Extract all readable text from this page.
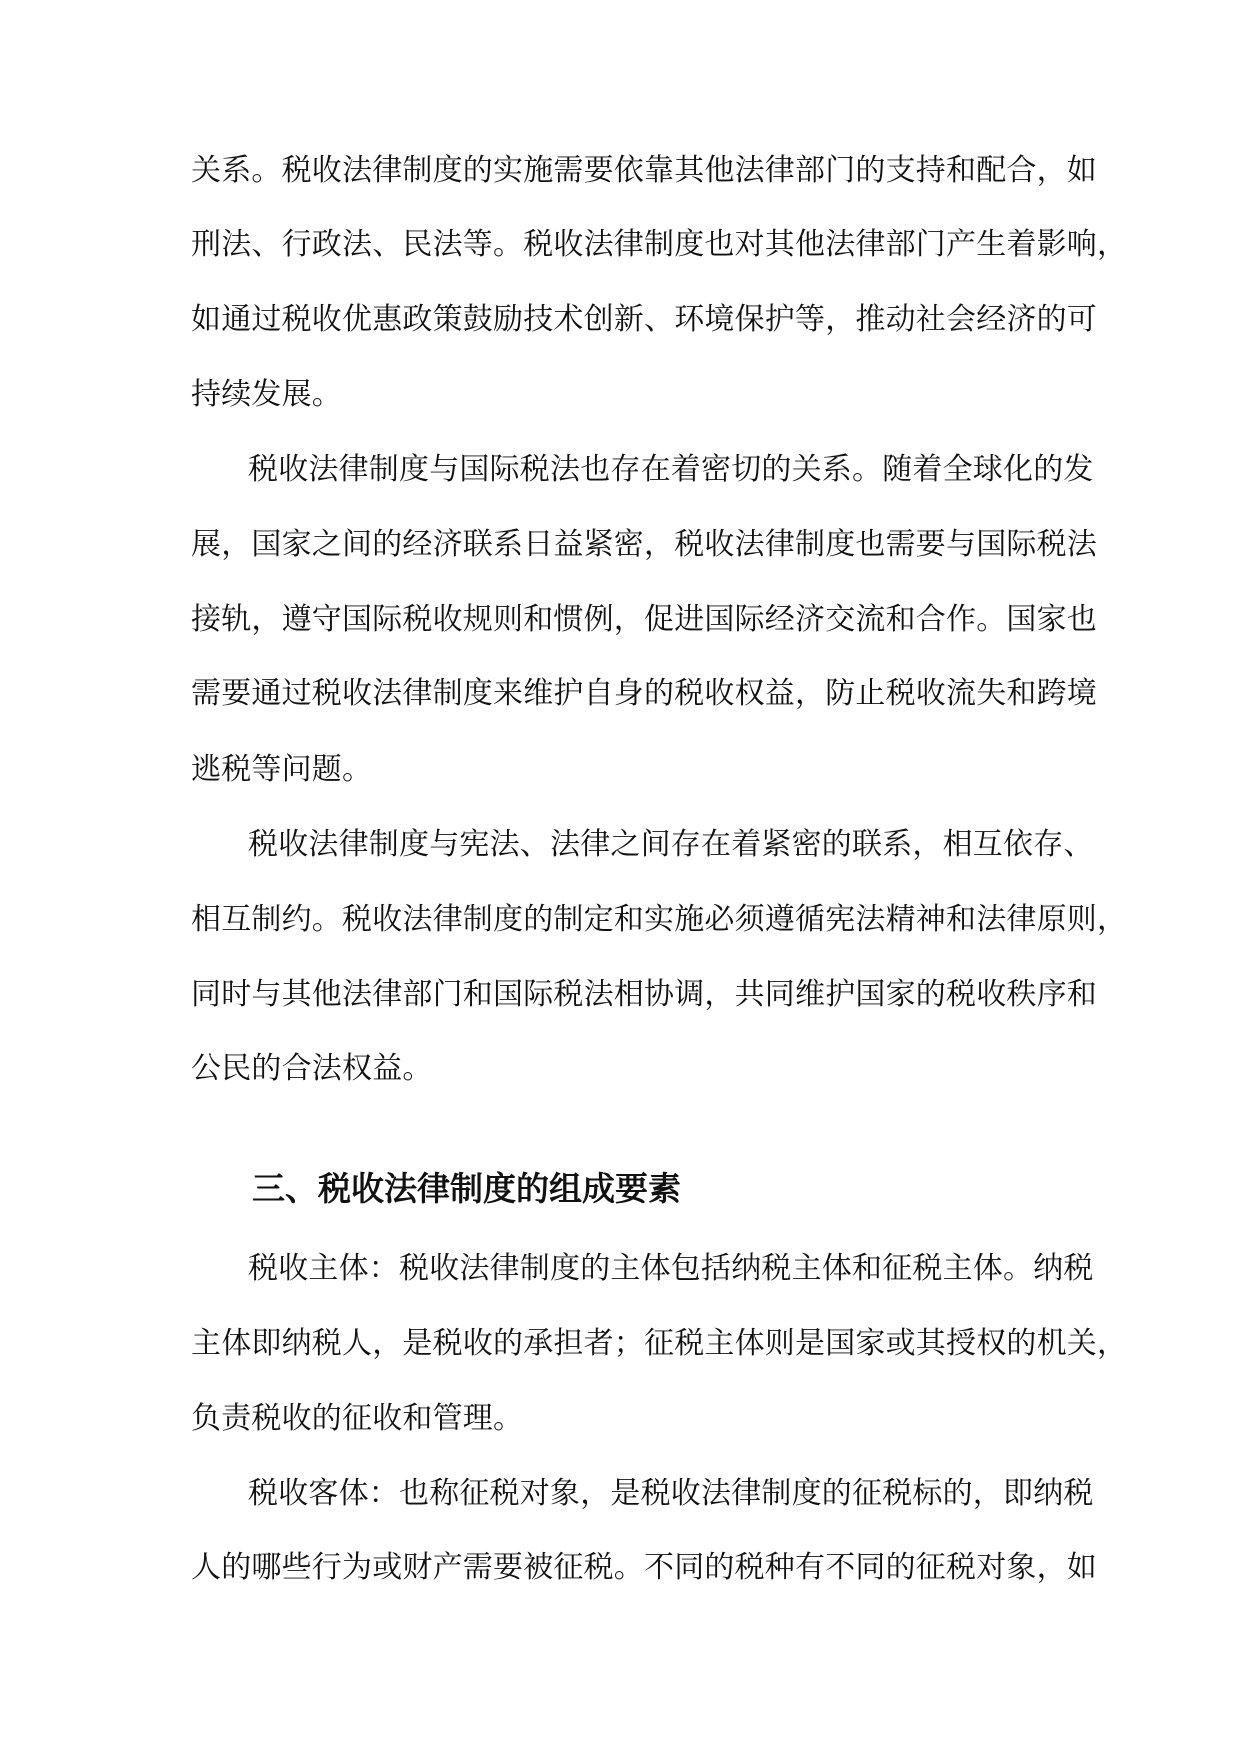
关系。税收法律制度的实施需要依靠其他法律部门的支持和配合，如
刑法、行政法、民法等。税收法律制度也对其他法律部门产生着影响，
如通过税收优惠政策鼓励技术创新、环境保护等，推动社会经济的可
持续发展。
税收法律制度与国际税法也存在着密切的关系。随着全球化的发
展，国家之间的经济联系日益紧密，税收法律制度也需要与国际税法
接轨，遵守国际税收规则和惯例，促进国际经济交流和合作。国家也
需要通过税收法律制度来维护自身的税收权益，防止税收流失和跨境
逃税等问题。
税收法律制度与宪法、法律之间存在着紧密的联系，相互依存、
相互制约。税收法律制度的制定和实施必须遵循宪法精神和法律原则，
同时与其他法律部门和国际税法相协调，共同维护国家的税收秩序和
公民的合法权益。
三、税收法律制度的组成要素
税收主体：税收法律制度的主体包括纳税主体和征税主体。纳税
主体即纳税人，是税收的承担者；征税主体则是国家或其授权的机关，
负责税收的征收和管理。
税收客体：也称征税对象，是税收法律制度的征税标的，即纳税
人的哪些行为或财产需要被征税。不同的税种有不同的征税对象，如
